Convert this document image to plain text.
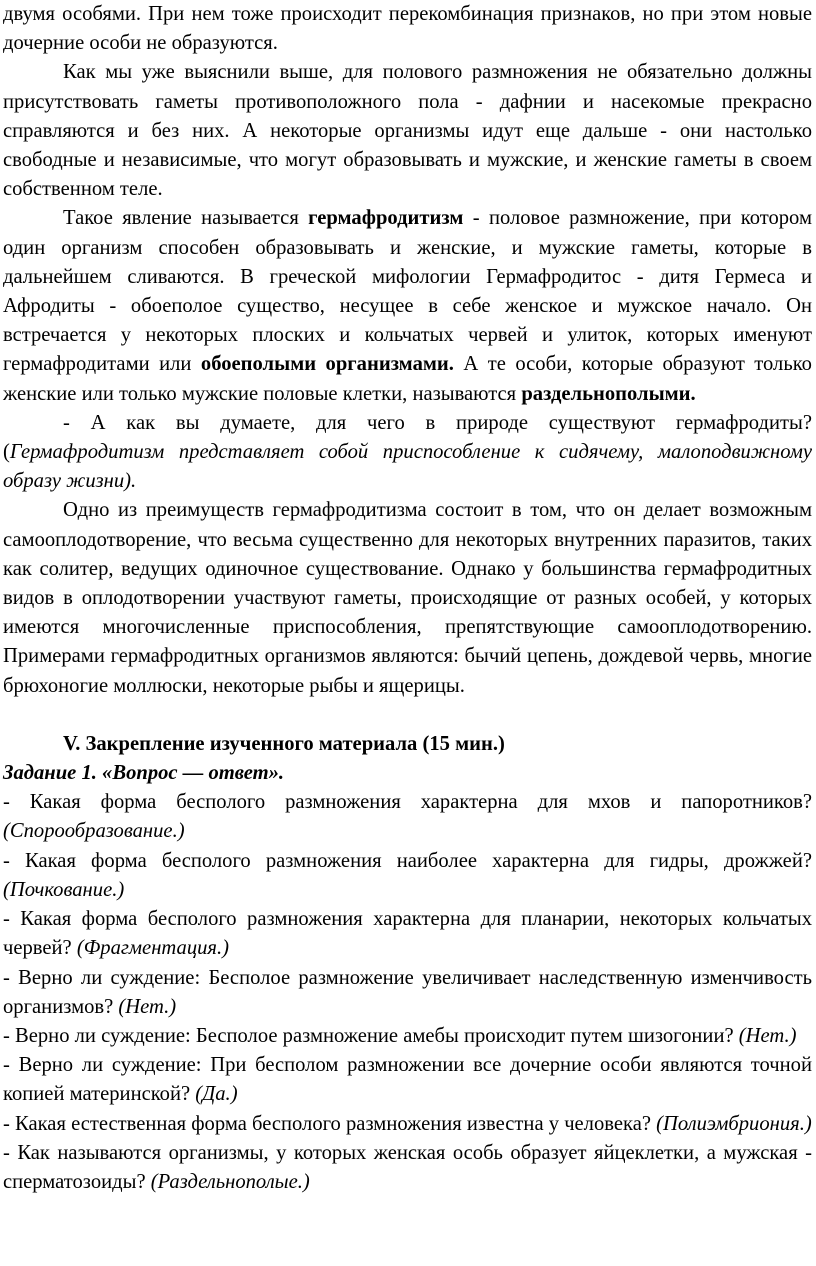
двумя особями. При нем тоже происходит перекомбинация признаков, но при этом новые дочерние особи не образуются.

Как мы уже выяснили выше, для полового размножения не обязательно должны присутствовать гаметы противоположного пола - дафнии и насекомые прекрасно справляются и без них. А некоторые организмы идут еще дальше - они настолько свободные и независимые, что могут образовывать и мужские, и женские гаметы в своем собственном теле.

Такое явление называется гермафродитизм - половое размножение, при котором один организм способен образовывать и женские, и мужские гаметы, которые в дальнейшем сливаются. В греческой мифологии Гермафродитос - дитя Гермеса и Афродиты - обоеполое существо, несущее в себе женское и мужское начало. Он встречается у некоторых плоских и кольчатых червей и улиток, которых именуют гермафродитами или обоеполыми организмами. А те особи, которые образуют только женские или только мужские половые клетки, называются раздельнополыми.

- А как вы думаете, для чего в природе существуют гермафродиты? (Гермафродитизм представляет собой приспособление к сидячему, малоподвижному образу жизни).

Одно из преимуществ гермафродитизма состоит в том, что он делает возможным самооплодотворение, что весьма существенно для некоторых внутренних паразитов, таких как солитер, ведущих одиночное существование. Однако у большинства гермафродитных видов в оплодотворении участвуют гаметы, происходящие от разных особей, у которых имеются многочисленные приспособления, препятствующие самооплодотворению. Примерами гермафродитных организмов являются: бычий цепень, дождевой червь, многие брюхоногие моллюски, некоторые рыбы и ящерицы.

V. Закрепление изученного материала (15 мин.)

Задание 1. «Вопрос — ответ».

- Какая форма бесполого размножения характерна для мхов и папоротников? (Спорообразование.)

- Какая форма бесполого размножения наиболее характерна для гидры, дрожжей? (Почкование.)

- Какая форма бесполого размножения характерна для планарии, некоторых кольчатых червей? (Фрагментация.)

- Верно ли суждение: Бесполое размножение увеличивает наследственную изменчивость организмов? (Нет.)

- Верно ли суждение: Бесполое размножение амебы происходит путем шизогонии? (Нет.)

- Верно ли суждение: При бесполом размножении все дочерние особи являются точной копией материнской? (Да.)

- Какая естественная форма бесполого размножения известна у человека? (Полиэмбриония.)

- Как называются организмы, у которых женская особь образует яйцеклетки, а мужская - сперматозоиды? (Раздельнополые.)
